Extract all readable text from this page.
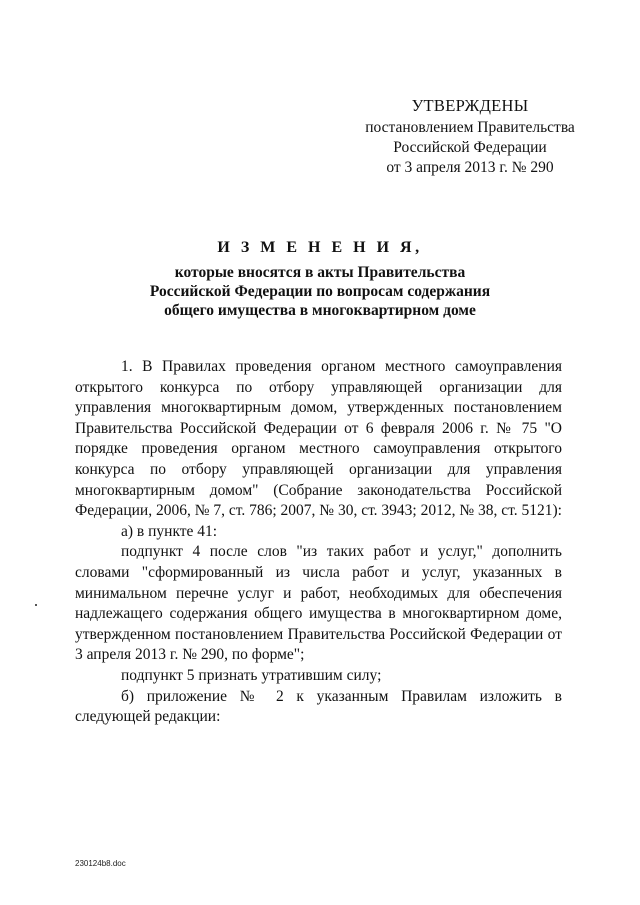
УТВЕРЖДЕНЫ
постановлением Правительства
Российской Федерации
от 3 апреля 2013 г. № 290
И З М Е Н Е Н И Я,
которые вносятся в акты Правительства
Российской Федерации по вопросам содержания
общего имущества в многоквартирном доме

1. В Правилах проведения органом местного самоуправления открытого конкурса по отбору управляющей организации для управления многоквартирным домом, утвержденных постановлением Правительства Российской Федерации от 6 февраля 2006 г. № 75 "О порядке проведения органом местного самоуправления открытого конкурса по отбору управляющей организации для управления многоквартирным домом" (Собрание законодательства Российской Федерации, 2006, № 7, ст. 786; 2007, № 30, ст. 3943; 2012, № 38, ст. 5121):

а) в пункте 41:

подпункт 4 после слов "из таких работ и услуг," дополнить словами "сформированный из числа работ и услуг, указанных в минимальном перечне услуг и работ, необходимых для обеспечения надлежащего содержания общего имущества в многоквартирном доме, утвержденном постановлением Правительства Российской Федерации от 3 апреля 2013 г. № 290, по форме";

подпункт 5 признать утратившим силу;

б) приложение № 2 к указанным Правилам изложить в следующей редакции:

230124b8.doc
